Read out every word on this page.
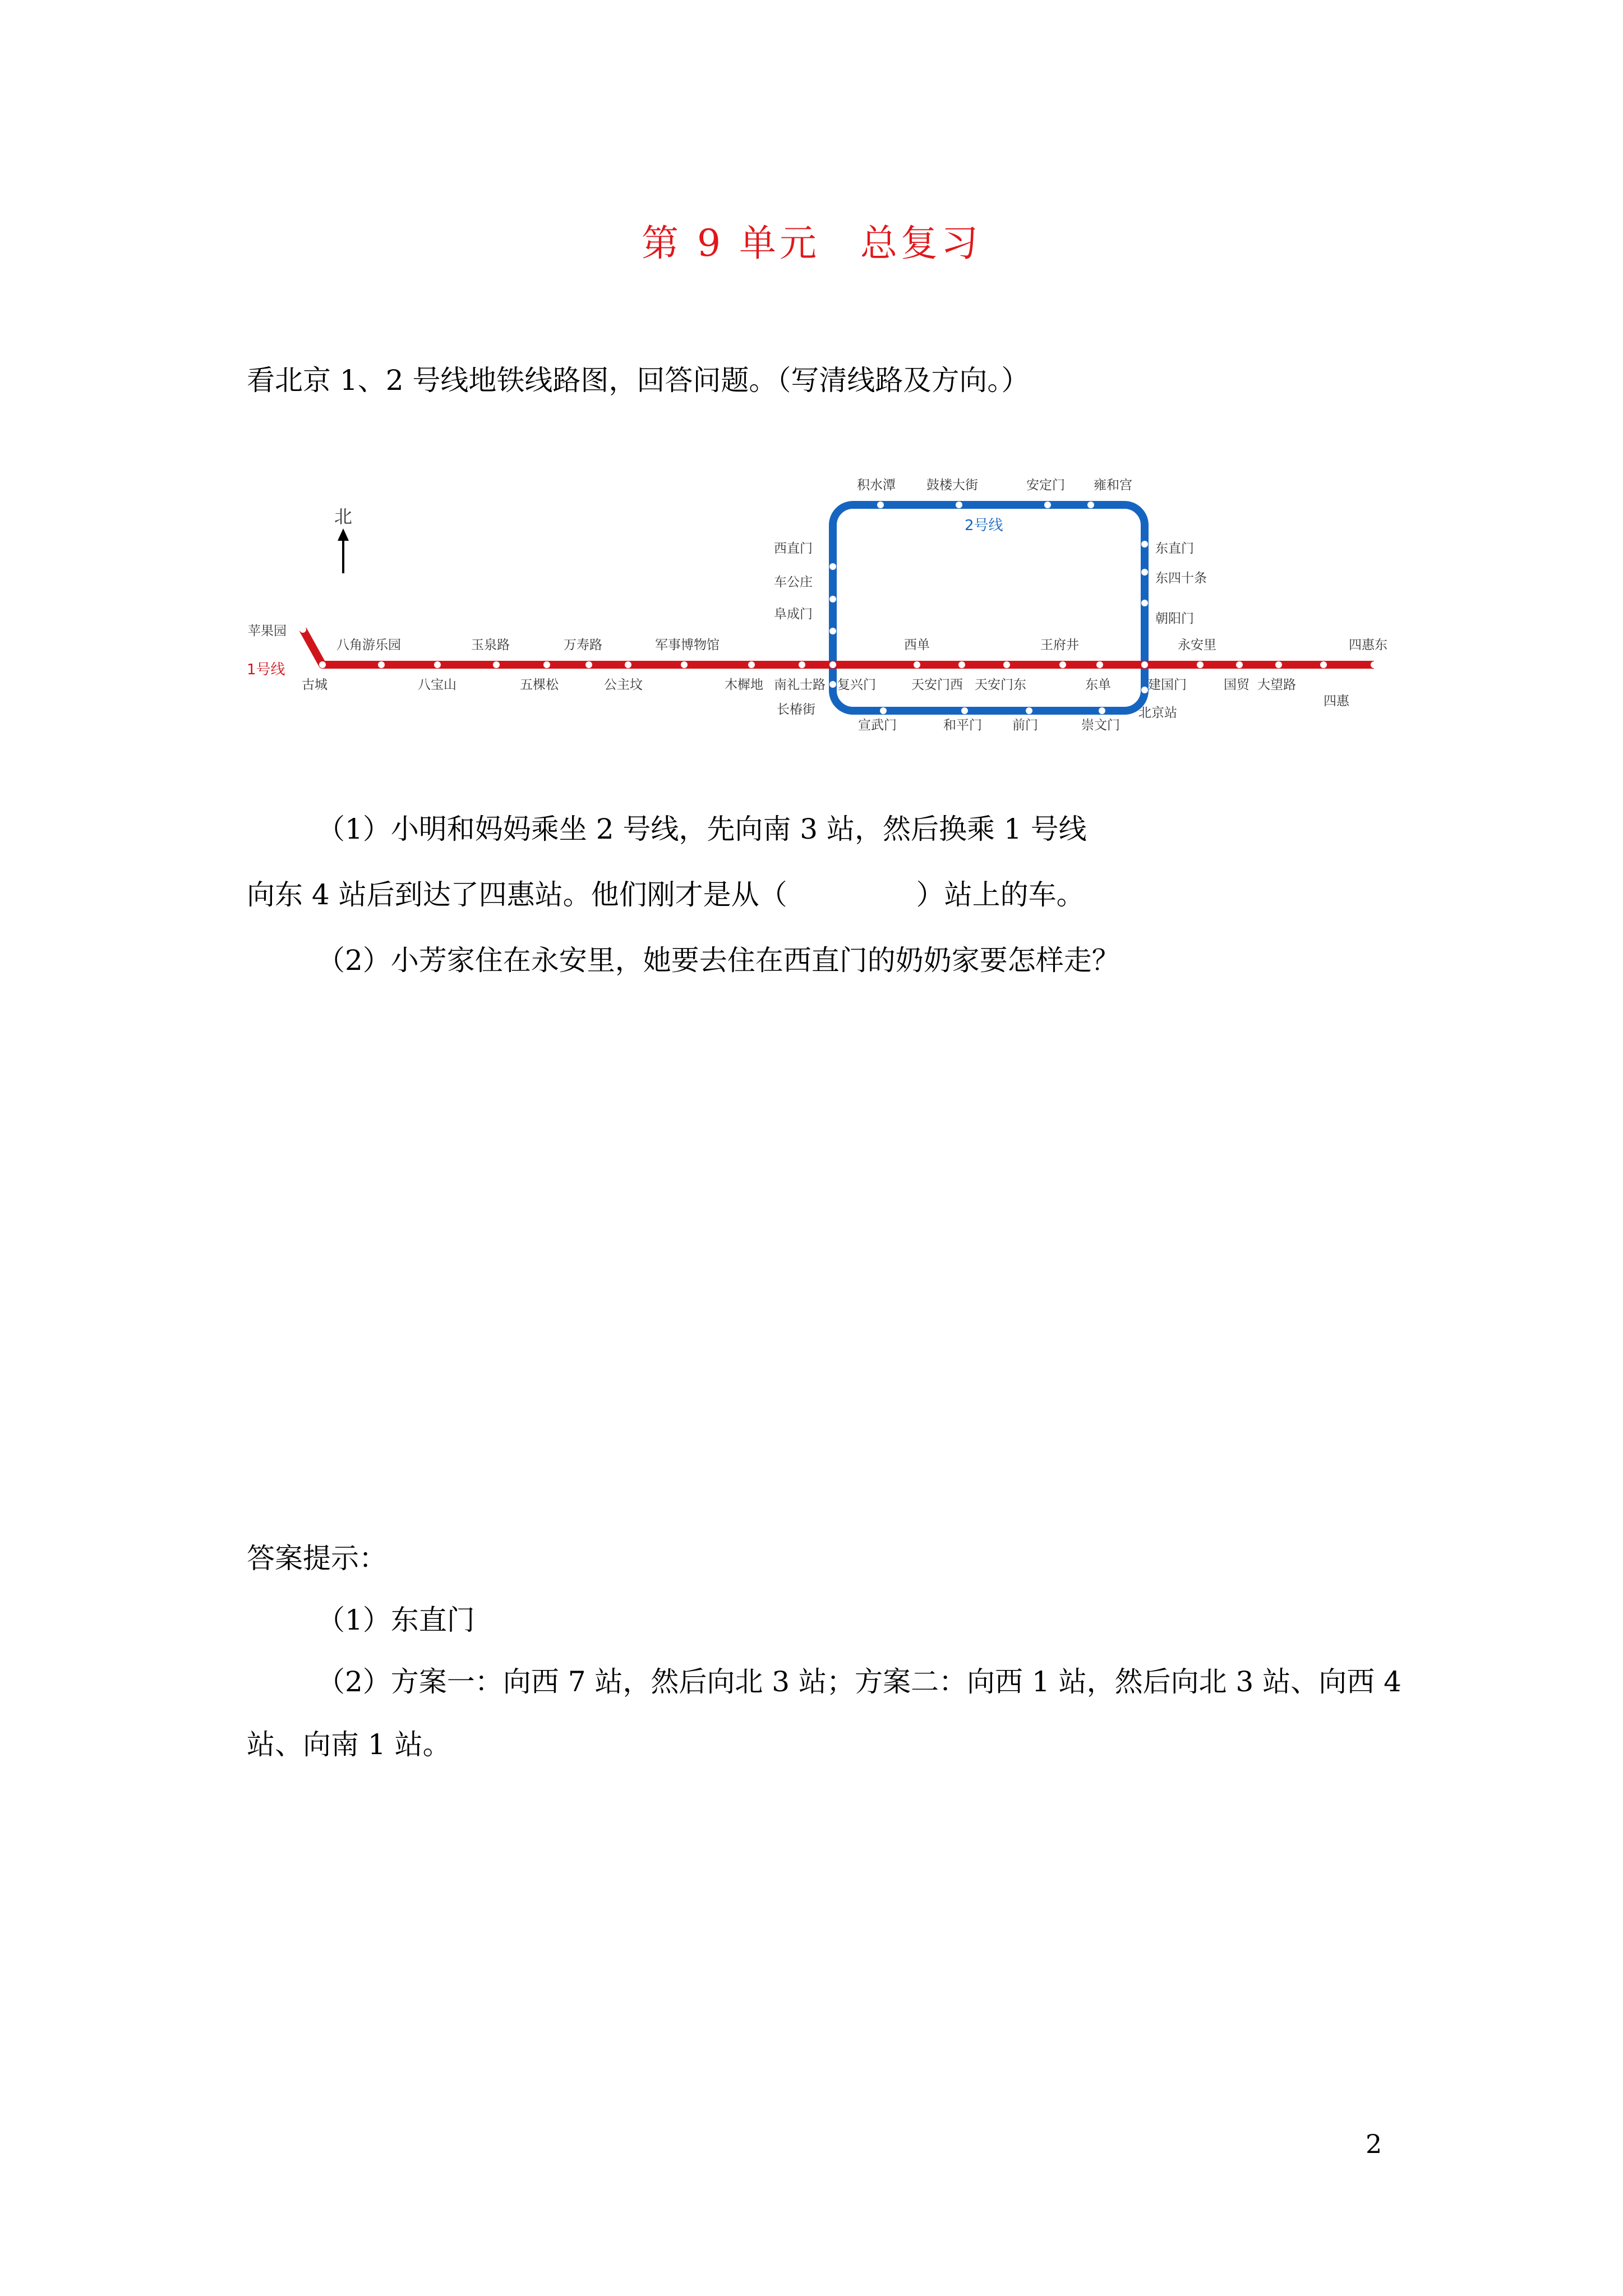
第 9 单元　总复习
看北京 1、2 号线地铁线路图，回答问题。（写清线路及方向。）
北
1号线
2号线
苹果园
古城
八角游乐园
八宝山
玉泉路
五棵松
万寿路
公主坟
军事博物馆
木樨地 南礼士路 复兴门
西单
天安门西 天安门东
王府井
东单	建国门
永安里
国贸 大望路
四惠
四惠东
西直门
车公庄
阜成门
长椿街
宣武门	和平门 前门	崇文门
北京站
朝阳门
东四十条
东直门
雍和宫
安定门
鼓楼大街
积水潭
（1）小明和妈妈乘坐 2 号线，先向南 3 站，然后换乘 1 号线
向东 4 站后到达了四惠站。他们刚才是从（	）站上的车。
（2）小芳家住在永安里，她要去住在西直门的奶奶家要怎样走？
答案提示：
（1）东直门
（2）方案一：向西 7 站，然后向北 3 站；方案二：向西 1 站，然后向北 3 站、向西 4
站、向南 1 站。
2
